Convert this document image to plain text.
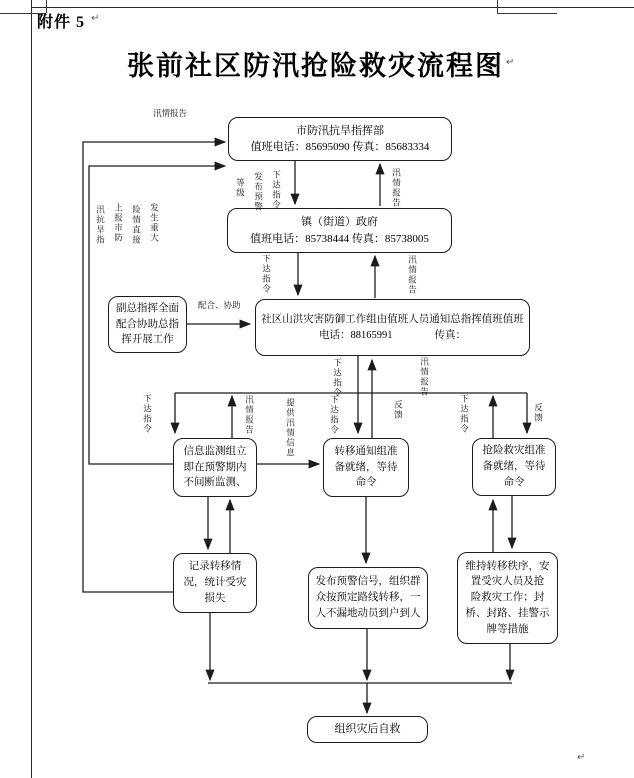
附件 5
张前社区防汛抢险救灾流程图
市防汛抗旱指挥部
值班电话：85695090 传真：85683334
镇（街道）政府
值班电话：85738444 传真：85738005
社区山洪灾害防御工作组由值班人员通知总指挥值班值班
电话：88165991　　　　传真：
副总指挥全面
配合协助总指
挥开展工作
信息监测组立
即在预警期内
不间断监测、
转移通知组准
备就绪，等待
命令
抢险救灾组准
备就绪，等待
命令
记录转移情
况，统计受灾
损失
发布预警信号，组织群
众按预定路线转移，一
人不漏地动员到户到人
维持转移秩序，安
置受灾人员及抢
险救灾工作；封
桥、封路、挂警示
牌等措施
组织灾后自救
汛情报告
下达指令
发布预警
等级	汛情报告
发生重大
险情直接
上报市防
汛抗旱指
配合、协助
下达指令	汛情报告
下达指令	汛情报告
下达指令	汛情报告	提供汛情信息	下达指令	反馈	下达指令	反馈
↵
↵
↵
